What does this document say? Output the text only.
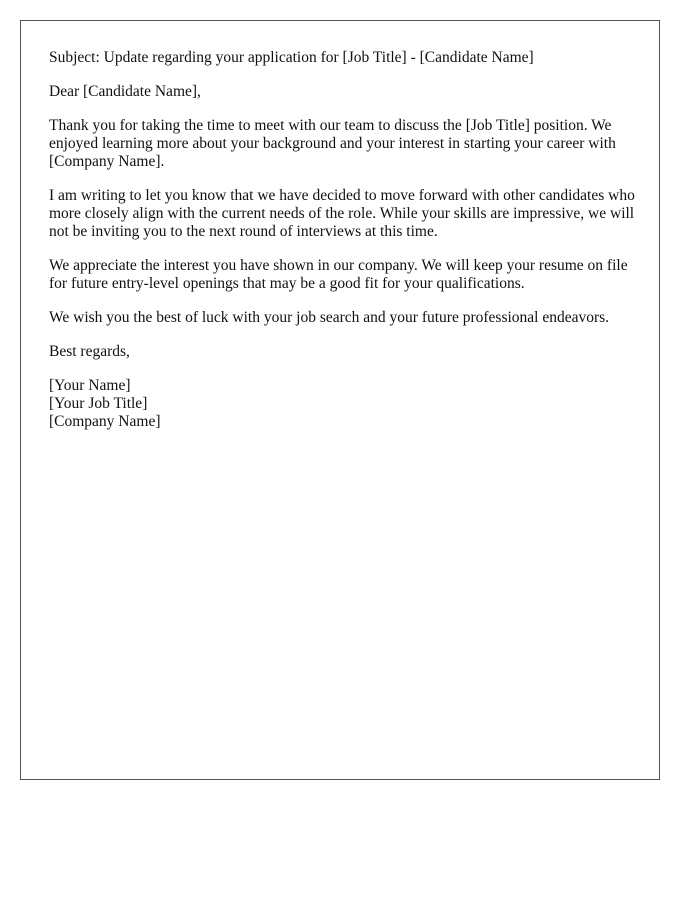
Subject: Update regarding your application for [Job Title] - [Candidate Name]

Dear [Candidate Name],

Thank you for taking the time to meet with our team to discuss the [Job Title] position. We enjoyed learning more about your background and your interest in starting your career with [Company Name].

I am writing to let you know that we have decided to move forward with other candidates who more closely align with the current needs of the role. While your skills are impressive, we will not be inviting you to the next round of interviews at this time.

We appreciate the interest you have shown in our company. We will keep your resume on file for future entry-level openings that may be a good fit for your qualifications.

We wish you the best of luck with your job search and your future professional endeavors.

Best regards,

[Your Name]
[Your Job Title]
[Company Name]
